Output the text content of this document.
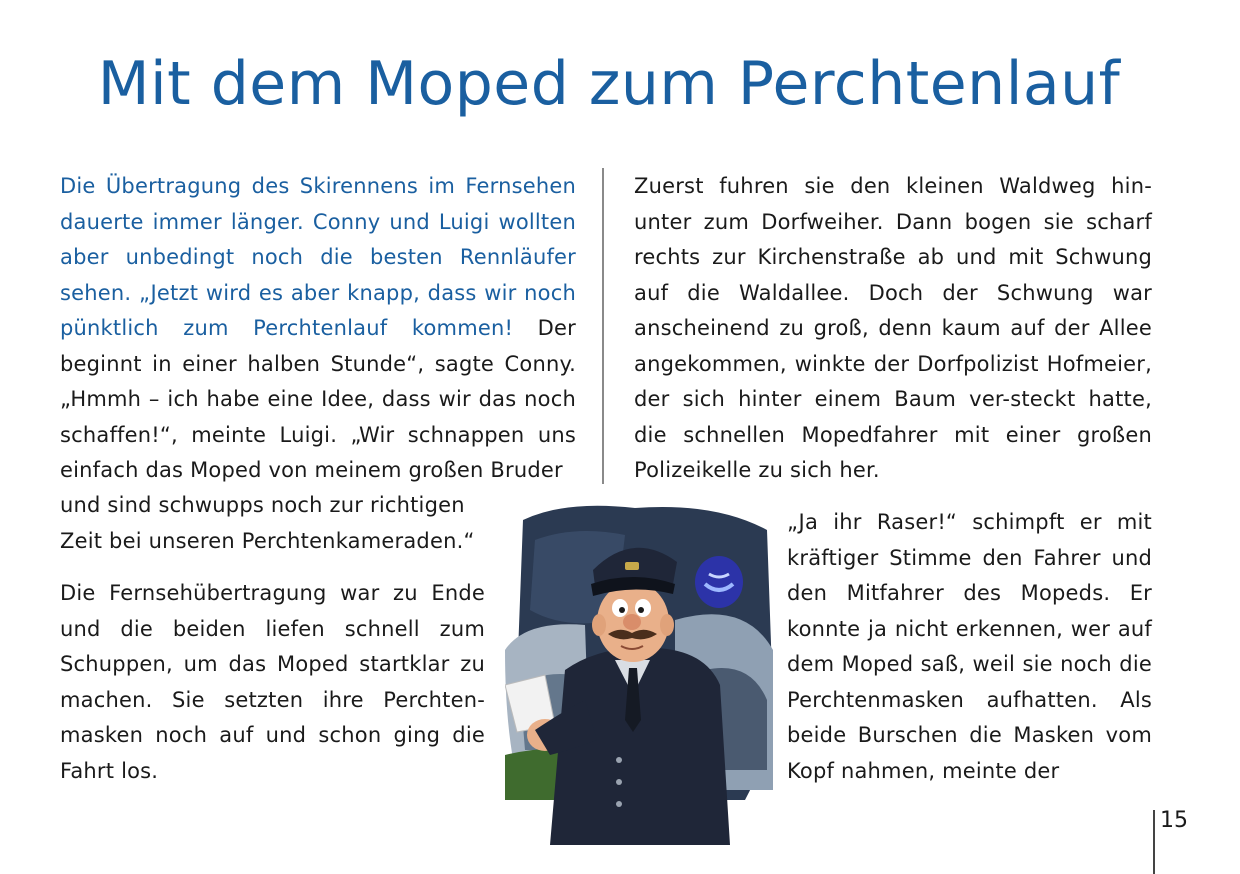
Mit dem Moped zum Perchtenlauf

Die Übertragung des Skirennens im Fernsehen dauerte immer länger. Conny und Luigi wollten aber unbedingt noch die besten Rennläufer sehen. „Jetzt wird es aber knapp, dass wir noch pünktlich zum Perchtenlauf kommen! Der beginnt in einer halben Stunde“, sagte Conny. „Hmmh – ich habe eine Idee, dass wir das noch schaffen!“, meinte Luigi. „Wir schnappen uns einfach das Moped von meinem großen Bruder

und sind schwupps noch zur richtigen Zeit bei unseren Perchtenkameraden.“

Die Fernsehübertragung war zu Ende und die beiden liefen schnell zum Schuppen, um das Moped startklar zu machen. Sie setzten ihre Perchten-masken noch auf und schon ging die Fahrt los.

Zuerst fuhren sie den kleinen Waldweg hin-unter zum Dorfweiher. Dann bogen sie scharf rechts zur Kirchenstraße ab und mit Schwung auf die Waldallee. Doch der Schwung war anscheinend zu groß, denn kaum auf der Allee angekommen, winkte der Dorfpolizist Hofmeier, der sich hinter einem Baum ver-steckt hatte, die schnellen Mopedfahrer mit einer großen Polizeikelle zu sich her.

„Ja ihr Raser!“ schimpft er mit kräftiger Stimme den Fahrer und den Mitfahrer des Mopeds. Er konnte ja nicht erkennen, wer auf dem Moped saß, weil sie noch die Perchtenmasken aufhatten. Als beide Burschen die Masken vom Kopf nahmen, meinte der

15
